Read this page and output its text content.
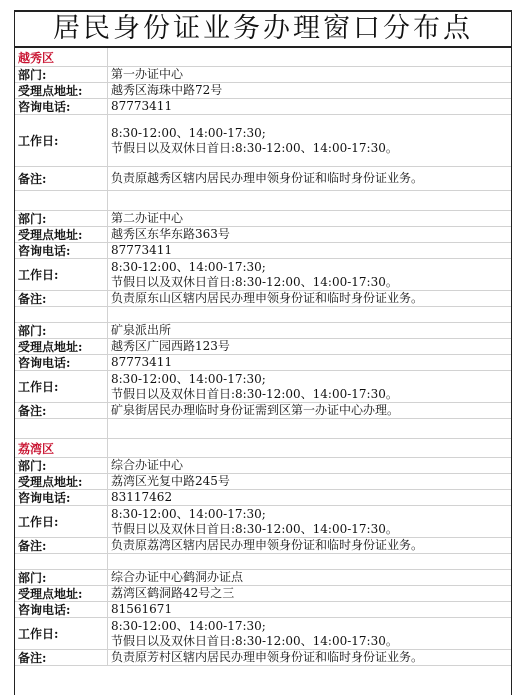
居民身份证业务办理窗口分布点
越秀区
部门:	第一办证中心
受理点地址:	越秀区海珠中路72号
咨询电话:	87773411
工作日:
8:30-12:00、14:00-17:30;
节假日以及双休日首日:8:30-12:00、14:00-17:30。
备注:	负责原越秀区辖内居民办理申领身份证和临时身份证业务。
部门:	第二办证中心
受理点地址:	越秀区东华东路363号
咨询电话:	87773411
工作日:
8:30-12:00、14:00-17:30;
节假日以及双休日首日:8:30-12:00、14:00-17:30。
备注:	负责原东山区辖内居民办理申领身份证和临时身份证业务。
部门:	矿泉派出所
受理点地址:	越秀区广园西路123号
咨询电话:	87773411
工作日:
8:30-12:00、14:00-17:30;
节假日以及双休日首日:8:30-12:00、14:00-17:30。
备注:	矿泉街居民办理临时身份证需到区第一办证中心办理。
荔湾区
部门:	综合办证中心
受理点地址:	荔湾区光复中路245号
咨询电话:	83117462
工作日:
8:30-12:00、14:00-17:30;
节假日以及双休日首日:8:30-12:00、14:00-17:30。
备注:	负责原荔湾区辖内居民办理申领身份证和临时身份证业务。
部门:	综合办证中心鹤洞办证点
受理点地址:	荔湾区鹤洞路42号之三
咨询电话:	81561671
工作日:
8:30-12:00、14:00-17:30;
节假日以及双休日首日:8:30-12:00、14:00-17:30。
备注:	负责原芳村区辖内居民办理申领身份证和临时身份证业务。
